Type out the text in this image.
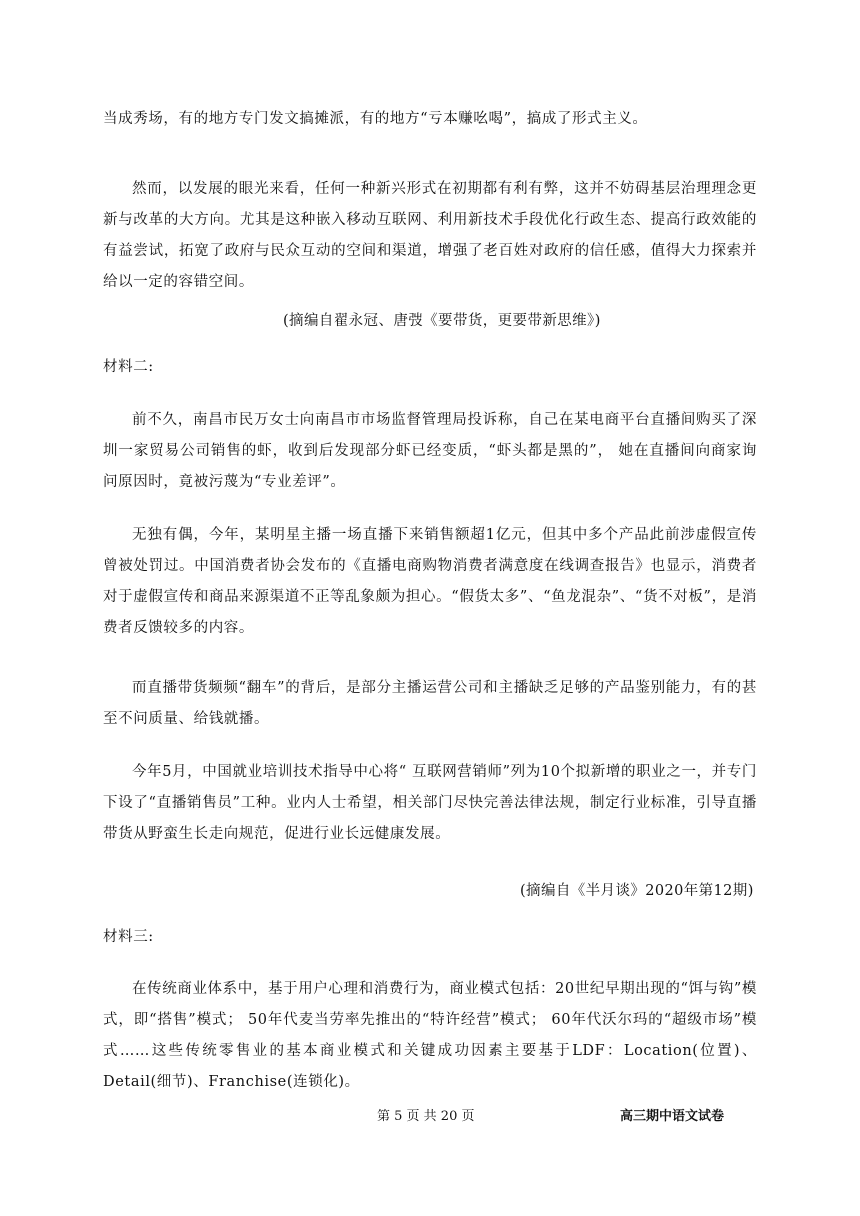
当成秀场，有的地方专门发文搞摊派，有的地方“亏本赚吆喝”，搞成了形式主义。

然而，以发展的眼光来看，任何一种新兴形式在初期都有利有弊，这并不妨碍基层治理理念更新与改革的大方向。尤其是这种嵌入移动互联网、利用新技术手段优化行政生态、提高行政效能的有益尝试，拓宽了政府与民众互动的空间和渠道，增强了老百姓对政府的信任感，值得大力探索并给以一定的容错空间。

(摘编自翟永冠、唐弢《要带货，更要带新思维》)
材料二:

前不久，南昌市民万女士向南昌市市场监督管理局投诉称，自己在某电商平台直播间购买了深圳一家贸易公司销售的虾，收到后发现部分虾已经变质，“虾头都是黑的”， 她在直播间向商家询问原因时，竟被污蔑为“专业差评”。

无独有偶，今年，某明星主播一场直播下来销售额超1亿元，但其中多个产品此前涉虚假宣传曾被处罚过。中国消费者协会发布的《直播电商购物消费者满意度在线调查报告》也显示，消费者对于虚假宣传和商品来源渠道不正等乱象颇为担心。“假货太多”、“鱼龙混杂”、“货不对板”，是消费者反馈较多的内容。

而直播带货频频“翻车”的背后，是部分主播运营公司和主播缺乏足够的产品鉴别能力，有的甚至不问质量、给钱就播。

今年5月，中国就业培训技术指导中心将“ 互联网营销师”列为10个拟新增的职业之一，并专门下设了“直播销售员”工种。业内人士希望，相关部门尽快完善法律法规，制定行业标准，引导直播带货从野蛮生长走向规范，促进行业长远健康发展。

(摘编自《半月谈》2020年第12期)
材料三:

在传统商业体系中，基于用户心理和消费行为，商业模式包括：20世纪早期出现的“饵与钩”模式，即“搭售”模式； 50年代麦当劳率先推出的“特许经营”模式； 60年代沃尔玛的“超级市场”模式……这些传统零售业的基本商业模式和关键成功因素主要基于LDF：Location(位置)、Detail(细节)、Franchise(连锁化)。

第 5 页 共 20 页	高三期中语文试卷
